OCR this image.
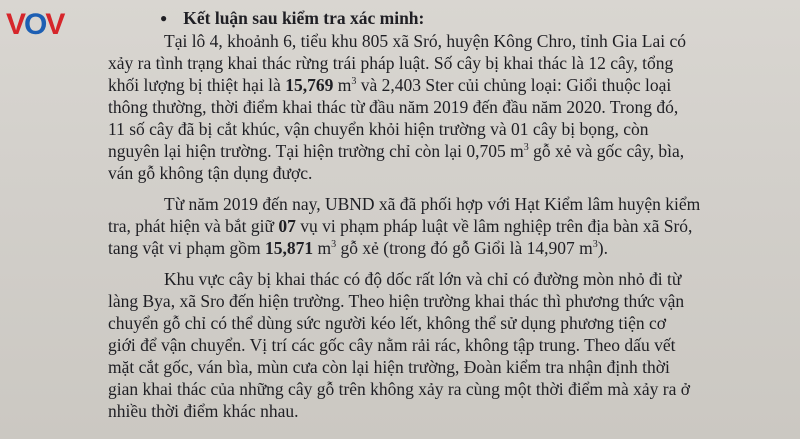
VOV	● Kết luận sau kiểm tra xác minh:
Tại lô 4, khoảnh 6, tiểu khu 805 xã Sró, huyện Kông Chro, tỉnh Gia Lai có
xảy ra tình trạng khai thác rừng trái pháp luật. Số cây bị khai thác là 12 cây, tổng
khối lượng bị thiệt hại là 15,769 $m^3$ và 2,403 Ster củi chủng loại: Giổi thuộc loại
thông thường, thời điểm khai thác từ đầu năm 2019 đến đầu năm 2020. Trong đó,
11 số cây đã bị cắt khúc, vận chuyển khỏi hiện trường và 01 cây bị bọng, còn
nguyên lại hiện trường. Tại hiện trường chỉ còn lại 0,705 $m^3$ gỗ xẻ và gốc cây, bìa,
ván gỗ không tận dụng được.
Từ năm 2019 đến nay, UBND xã đã phối hợp với Hạt Kiểm lâm huyện kiểm
tra, phát hiện và bắt giữ 07 vụ vi phạm pháp luật về lâm nghiệp trên địa bàn xã Sró,
tang vật vi phạm gồm 15,871 $m^3$ gỗ xẻ (trong đó gỗ Giổi là 14,907 $m^3$).
Khu vực cây bị khai thác có độ dốc rất lớn và chỉ có đường mòn nhỏ đi từ
làng Bya, xã Sro đến hiện trường. Theo hiện trường khai thác thì phương thức vận
chuyển gỗ chỉ có thể dùng sức người kéo lết, không thể sử dụng phương tiện cơ
giới để vận chuyển. Vị trí các gốc cây nằm rải rác, không tập trung. Theo dấu vết
mặt cắt gốc, ván bìa, mùn cưa còn lại hiện trường, Đoàn kiểm tra nhận định thời
gian khai thác của những cây gỗ trên không xảy ra cùng một thời điểm mà xảy ra ở
nhiều thời điểm khác nhau.
